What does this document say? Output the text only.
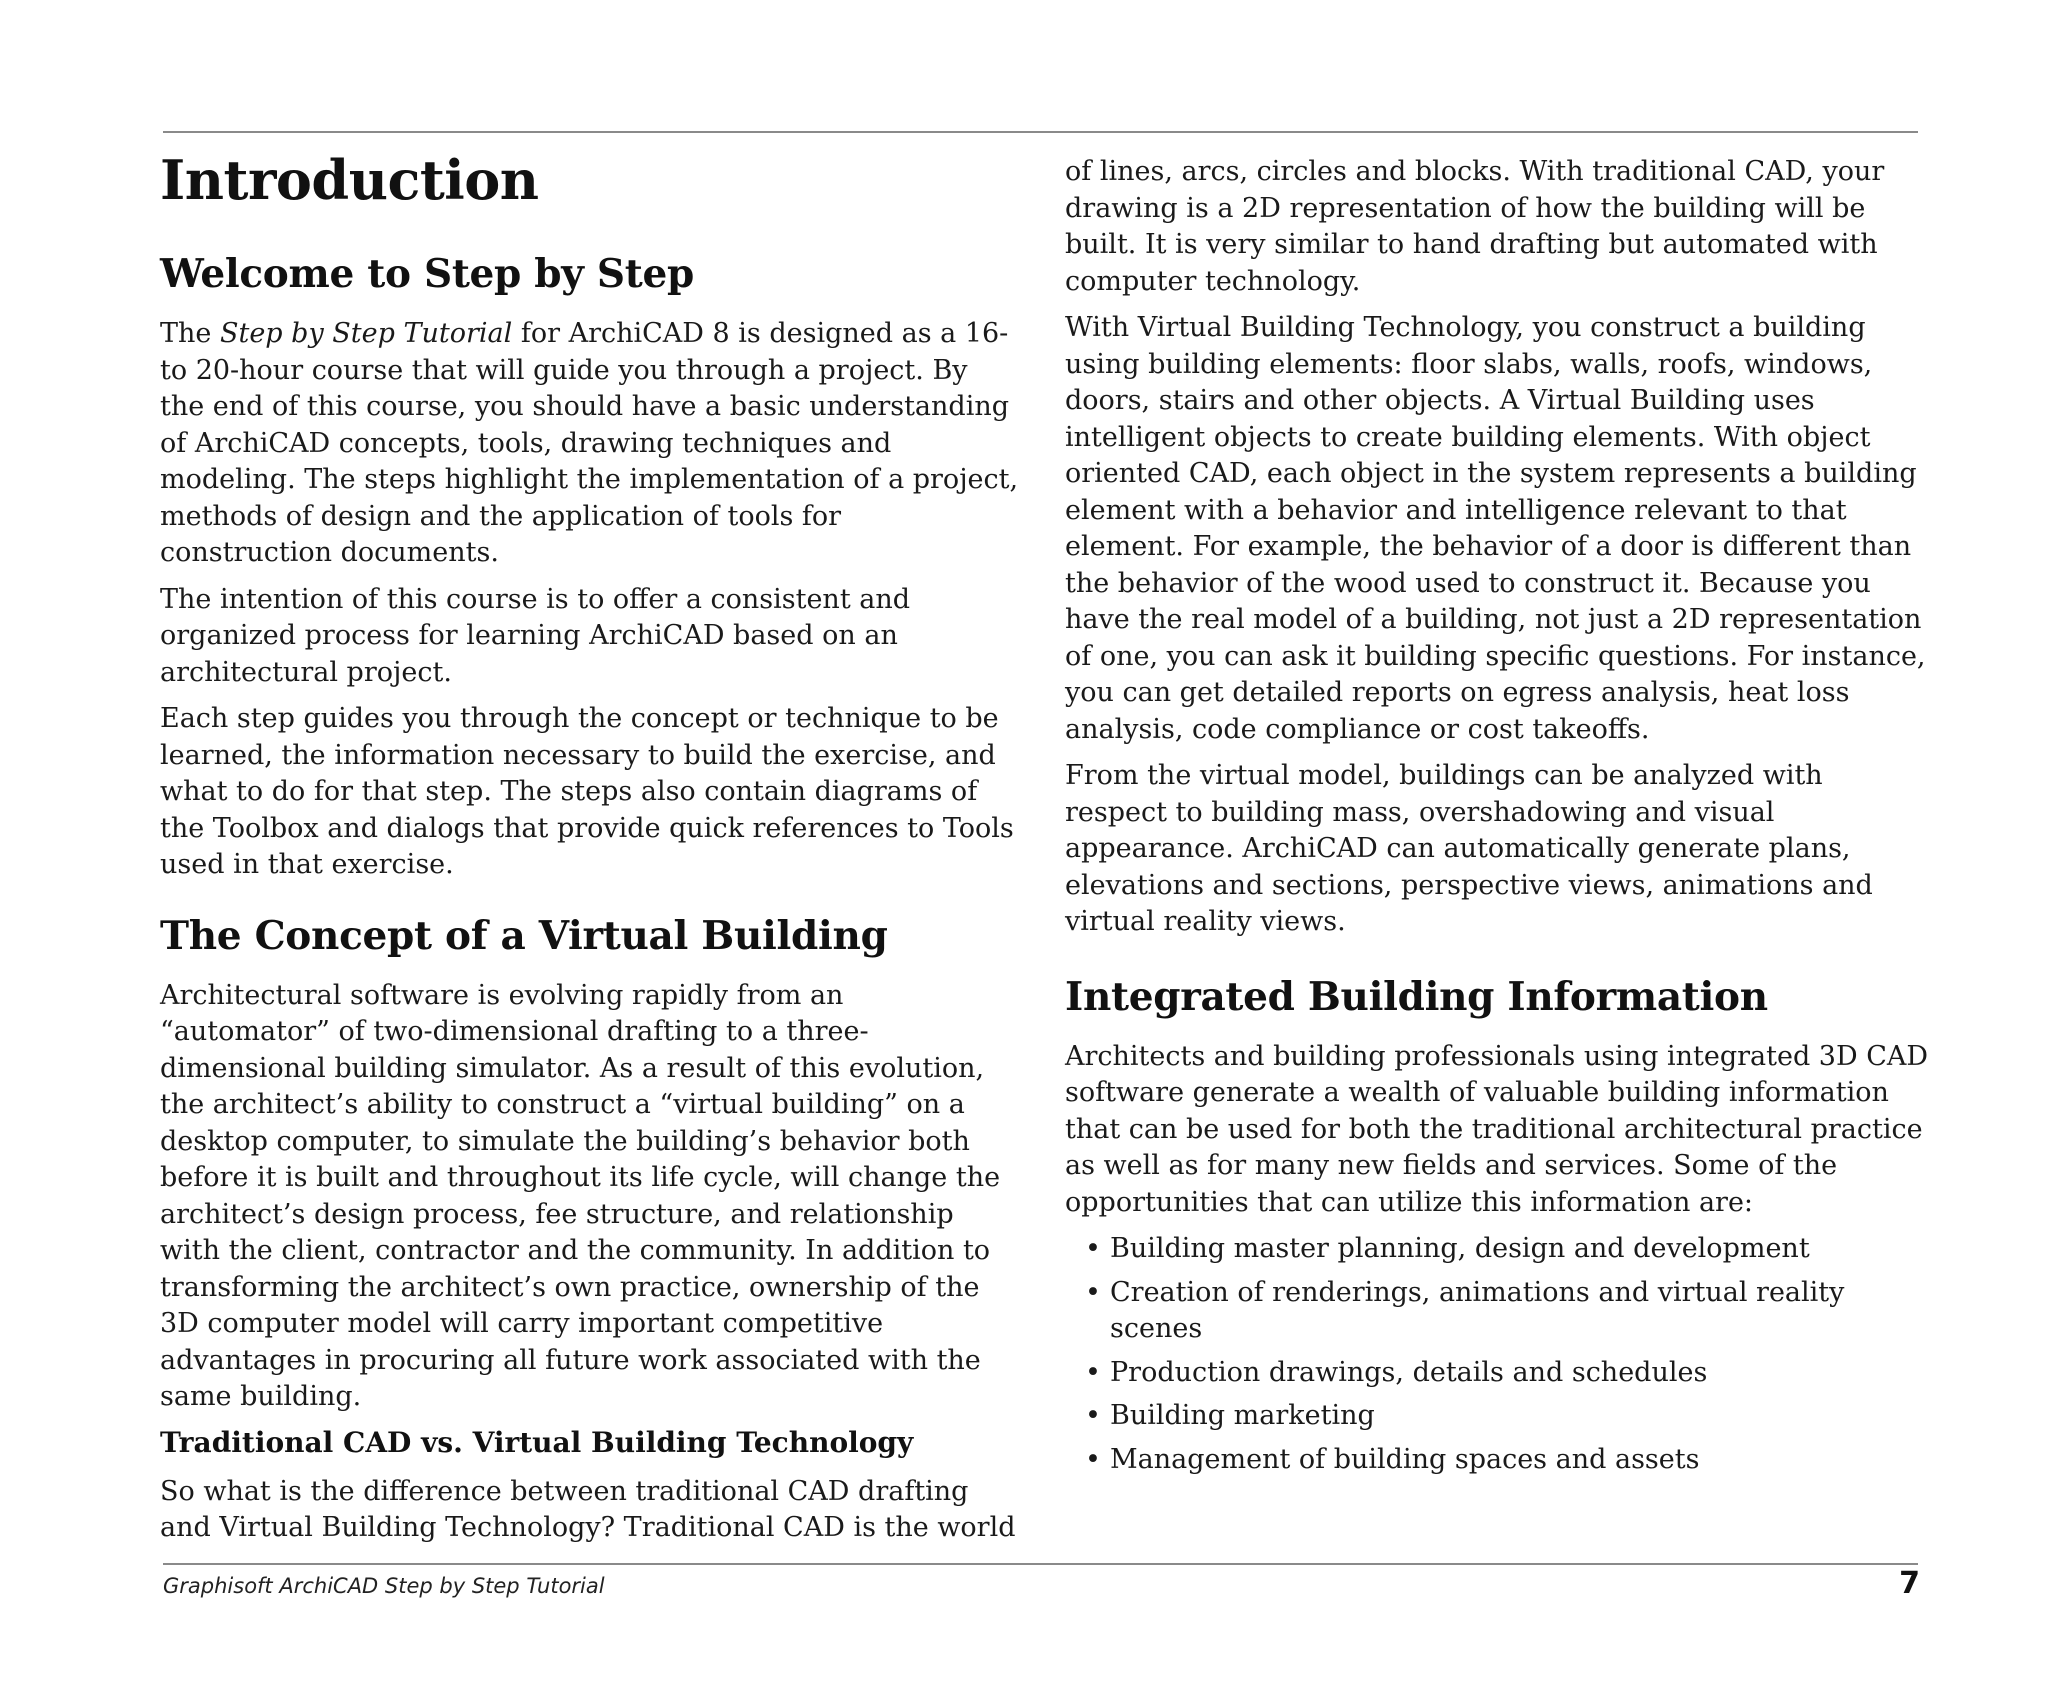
Introduction
Welcome to Step by Step

The Step by Step Tutorial for ArchiCAD 8 is designed as a 16-to 20-hour course that will guide you through a project. By the end of this course, you should have a basic understanding of ArchiCAD concepts, tools, drawing techniques and modeling. The steps highlight the implementation of a project, methods of design and the application of tools for construction documents.

The intention of this course is to offer a consistent and organized process for learning ArchiCAD based on an architectural project.

Each step guides you through the concept or technique to be learned, the information necessary to build the exercise, and what to do for that step. The steps also contain diagrams of the Toolbox and dialogs that provide quick references to Tools used in that exercise.

The Concept of a Virtual Building

Architectural software is evolving rapidly from an “automator” of two-dimensional drafting to a three-dimensional building simulator. As a result of this evolution, the architect’s ability to construct a “virtual building” on a desktop computer, to simulate the building’s behavior both before it is built and throughout its life cycle, will change the architect’s design process, fee structure, and relationship with the client, contractor and the community. In addition to transforming the architect’s own practice, ownership of the 3D computer model will carry important competitive advantages in procuring all future work associated with the same building.

Traditional CAD vs. Virtual Building Technology

So what is the difference between traditional CAD drafting and Virtual Building Technology? Traditional CAD is the world

of lines, arcs, circles and blocks. With traditional CAD, your drawing is a 2D representation of how the building will be built. It is very similar to hand drafting but automated with computer technology.

With Virtual Building Technology, you construct a building using building elements: floor slabs, walls, roofs, windows, doors, stairs and other objects. A Virtual Building uses intelligent objects to create building elements. With object oriented CAD, each object in the system represents a building element with a behavior and intelligence relevant to that element. For example, the behavior of a door is different than the behavior of the wood used to construct it. Because you have the real model of a building, not just a 2D representation of one, you can ask it building specific questions. For instance, you can get detailed reports on egress analysis, heat loss analysis, code compliance or cost takeoffs.

From the virtual model, buildings can be analyzed with respect to building mass, overshadowing and visual appearance. ArchiCAD can automatically generate plans, elevations and sections, perspective views, animations and virtual reality views.

Integrated Building Information

Architects and building professionals using integrated 3D CAD software generate a wealth of valuable building information that can be used for both the traditional architectural practice as well as for many new fields and services. Some of the opportunities that can utilize this information are:

• Building master planning, design and development
• Creation of renderings, animations and virtual reality scenes
• Production drawings, details and schedules
• Building marketing
• Management of building spaces and assets
Graphisoft ArchiCAD Step by Step Tutorial	7
